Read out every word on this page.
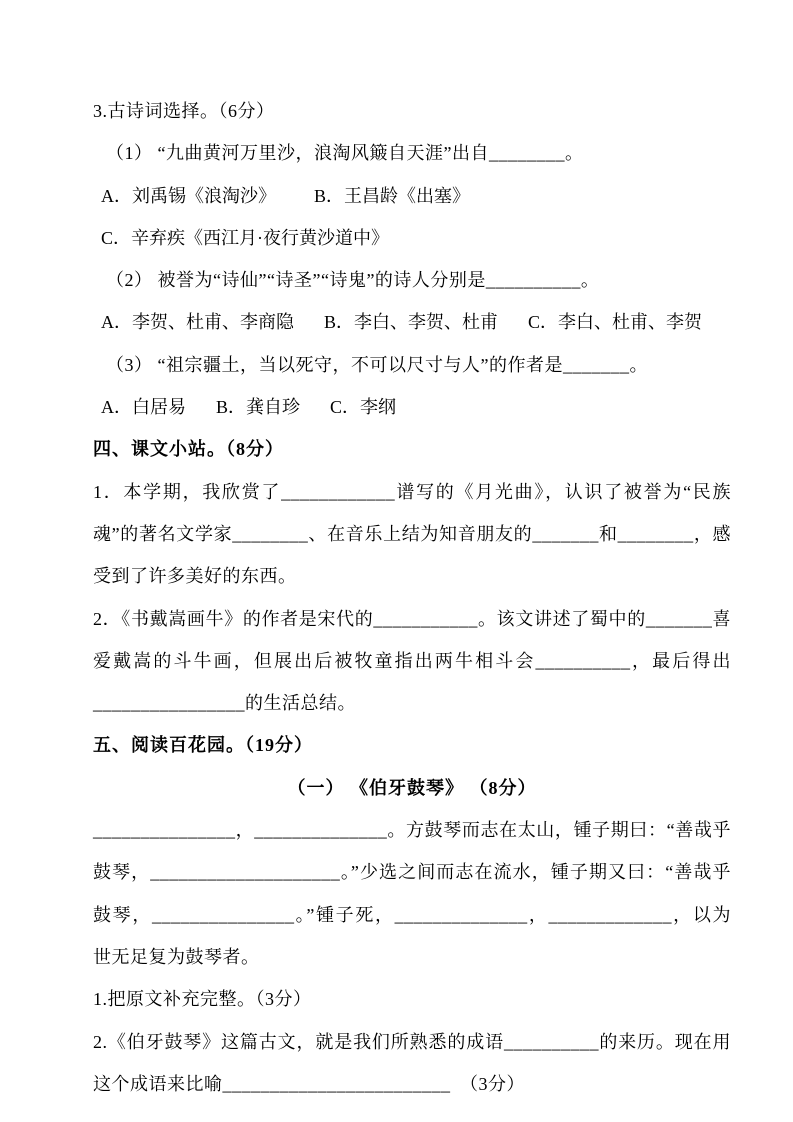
3.古诗词选择。（6分）

（1） “九曲黄河万里沙，浪淘风簸自天涯”出自________。

A．刘禹锡《浪淘沙》 B．王昌龄《出塞》
C．辛弃疾《西江月·夜行黄沙道中》

（2） 被誉为“诗仙”“诗圣”“诗鬼”的诗人分别是__________。

A．李贺、杜甫、李商隐 B．李白、李贺、杜甫 C．李白、杜甫、李贺

（3） “祖宗疆土，当以死守，不可以尺寸与人”的作者是_______。

A．白居易 B．龚自珍 C．李纲

四、课文小站。（8分）

1．本学期，我欣赏了____________谱写的《月光曲》，认识了被誉为“民族魂”的著名文学家________、在音乐上结为知音朋友的_______和________，感受到了许多美好的东西。

2．《书戴嵩画牛》的作者是宋代的___________。该文讲述了蜀中的_______喜爱戴嵩的斗牛画，但展出后被牧童指出两牛相斗会__________，最后得出________________的生活总结。

五、阅读百花园。（19分）

（一） 《伯牙鼓琴》 （8分）

_______________，______________。方鼓琴而志在太山，锺子期曰：“善哉乎鼓琴，____________________。”少选之间而志在流水，锺子期又曰：“善哉乎鼓琴，_______________。”锺子死，______________，_____________，以为世无足复为鼓琴者。

1.把原文补充完整。（3分）

2.《伯牙鼓琴》这篇古文，就是我们所熟悉的成语__________的来历。现在用这个成语来比喻________________________　（3分）
